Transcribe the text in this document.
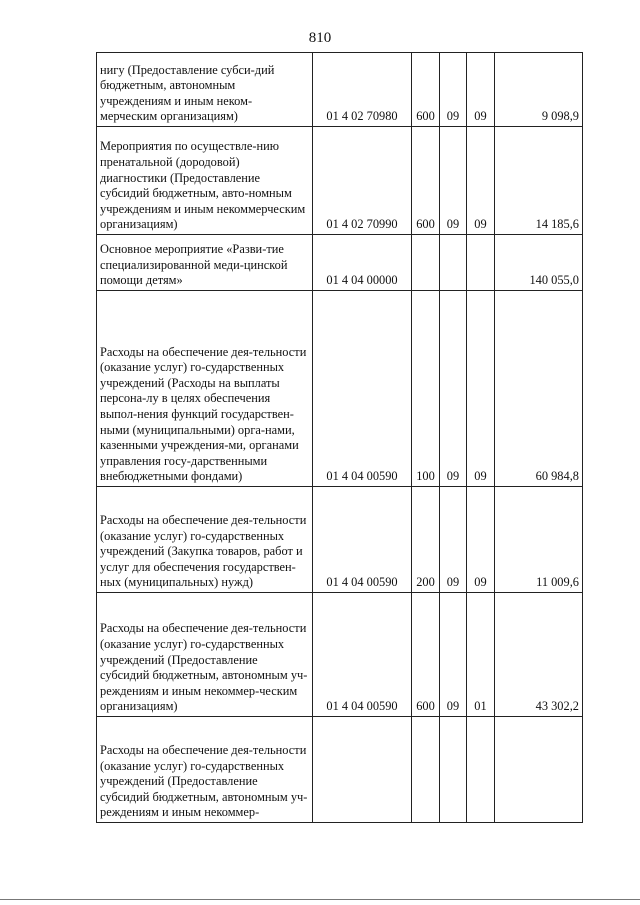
810
нигу (Предоставление субси-дий бюджетным, автономным учреждениям и иным неком-мерческим организациям)	01 4 02 70980	600	09	09	9 098,9
Мероприятия по осуществле-нию пренатальной (дородовой) диагностики (Предоставление субсидий бюджетным, авто-номным учреждениям и иным некоммерческим организациям)	01 4 02 70990	600	09	09	14 185,6
Основное мероприятие «Разви-тие специализированной меди-цинской помощи детям»	01 4 04 00000				140 055,0
Расходы на обеспечение дея-тельности (оказание услуг) го-сударственных учреждений (Расходы на выплаты персона-лу в целях обеспечения выпол-нения функций государствен-ными (муниципальными) орга-нами, казенными учреждения-ми, органами управления госу-дарственными внебюджетными фондами)	01 4 04 00590	100	09	09	60 984,8
Расходы на обеспечение дея-тельности (оказание услуг) го-сударственных учреждений (Закупка товаров, работ и услуг для обеспечения государствен-ных (муниципальных) нужд)	01 4 04 00590	200	09	09	11 009,6
Расходы на обеспечение дея-тельности (оказание услуг) го-сударственных учреждений (Предоставление субсидий бюджетным, автономным уч-реждениям и иным некоммер-ческим организациям)	01 4 04 00590	600	09	01	43 302,2
Расходы на обеспечение дея-тельности (оказание услуг) го-сударственных учреждений (Предоставление субсидий бюджетным, автономным уч-реждениям и иным некоммер-					
